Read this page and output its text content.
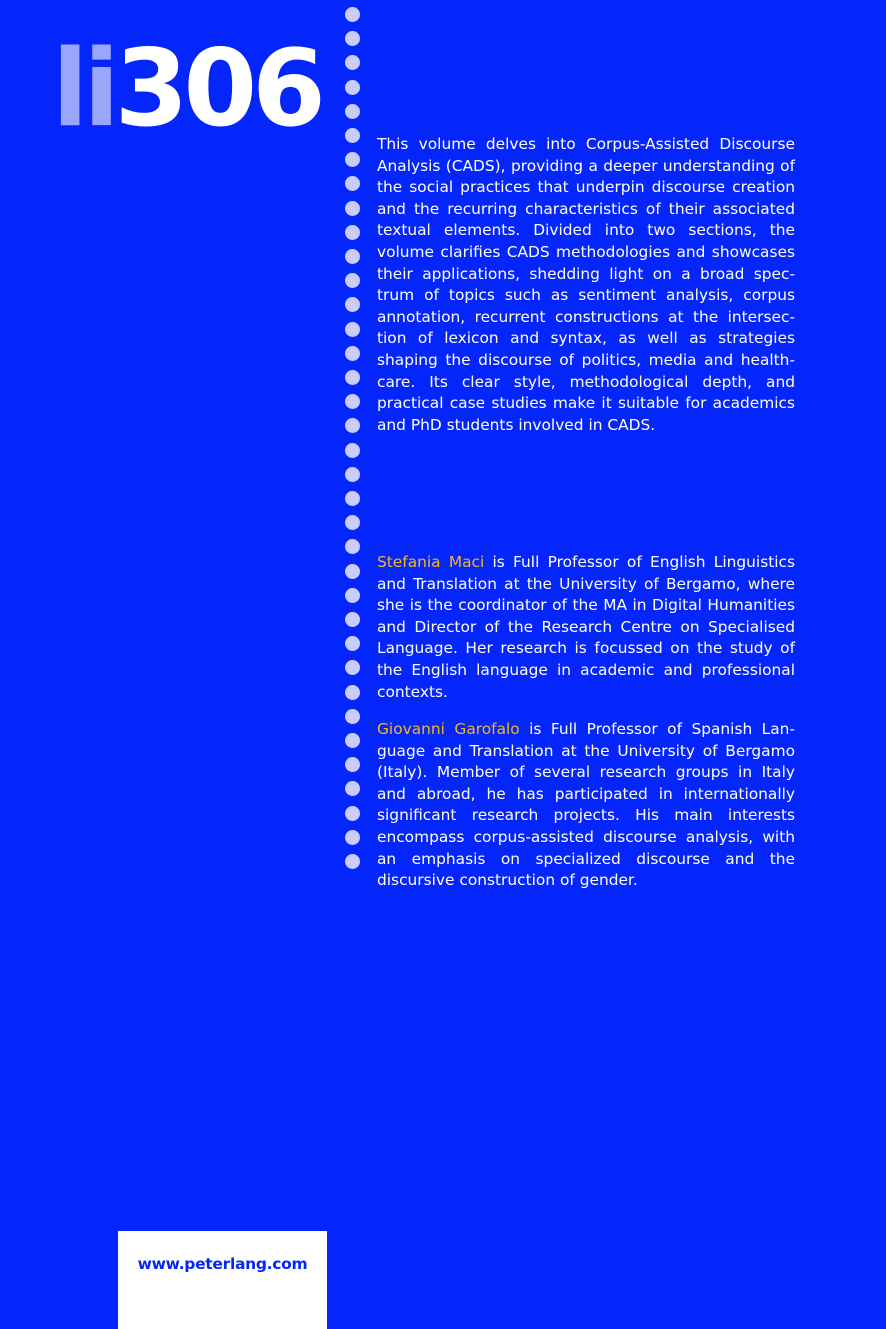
li306	This volume delves into Corpus-Assisted Discourse Analysis (CADS), providing a deeper understanding of the social practices that underpin discourse creation and the recurring characteristics of their associated textual elements. Divided into two sections, the volume clarifies CADS methodologies and showcases their applications, shedding light on a broad spectrum of topics such as sentiment analysis, corpus annotation, recurrent constructions at the intersection of lexicon and syntax, as well as strategies shaping the discourse of politics, media and healthcare. Its clear style, methodological depth, and practical case studies make it suitable for academics and PhD students involved in CADS.

Stefania Maci is Full Professor of English Linguistics and Translation at the University of Bergamo, where she is the coordinator of the MA in Digital Humanities and Director of the Research Centre on Specialised Language. Her research is focussed on the study of the English language in academic and professional contexts.

Giovanni Garofalo is Full Professor of Spanish Language and Translation at the University of Bergamo (Italy). Member of several research groups in Italy and abroad, he has participated in internationally significant research projects. His main interests encompass corpus-assisted discourse analysis, with an emphasis on specialized discourse and the discursive construction of gender.

www.peterlang.com
